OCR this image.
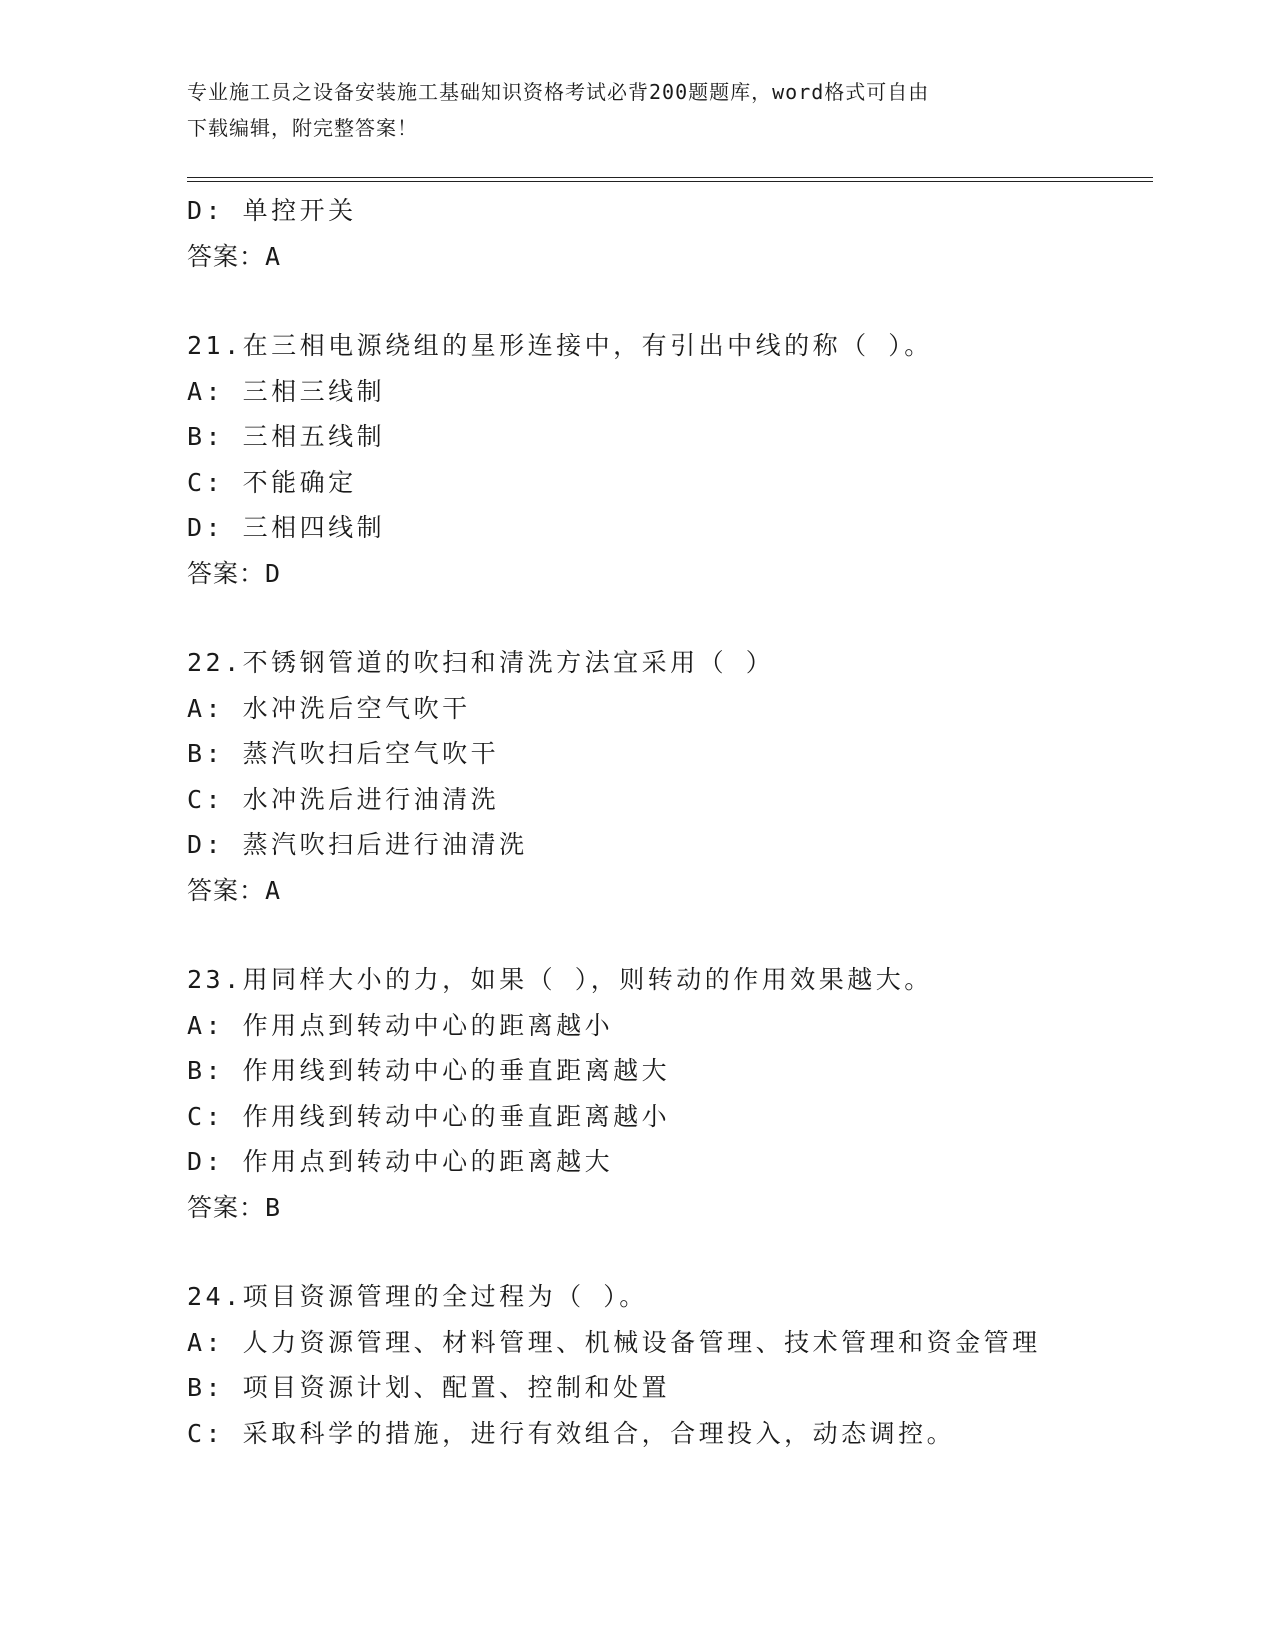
专业施工员之设备安装施工基础知识资格考试必背200题题库，word格式可自由
下载编辑，附完整答案！
D: 单控开关
答案：A
21.在三相电源绕组的星形连接中，有引出中线的称（ ）。
A: 三相三线制
B: 三相五线制
C: 不能确定
D: 三相四线制
答案：D
22.不锈钢管道的吹扫和清洗方法宜采用（ ）
A: 水冲洗后空气吹干
B: 蒸汽吹扫后空气吹干
C: 水冲洗后进行油清洗
D: 蒸汽吹扫后进行油清洗
答案：A
23.用同样大小的力，如果（ ），则转动的作用效果越大。
A: 作用点到转动中心的距离越小
B: 作用线到转动中心的垂直距离越大
C: 作用线到转动中心的垂直距离越小
D: 作用点到转动中心的距离越大
答案：B
24.项目资源管理的全过程为（ ）。
A: 人力资源管理、材料管理、机械设备管理、技术管理和资金管理
B: 项目资源计划、配置、控制和处置
C: 采取科学的措施，进行有效组合，合理投入，动态调控。
